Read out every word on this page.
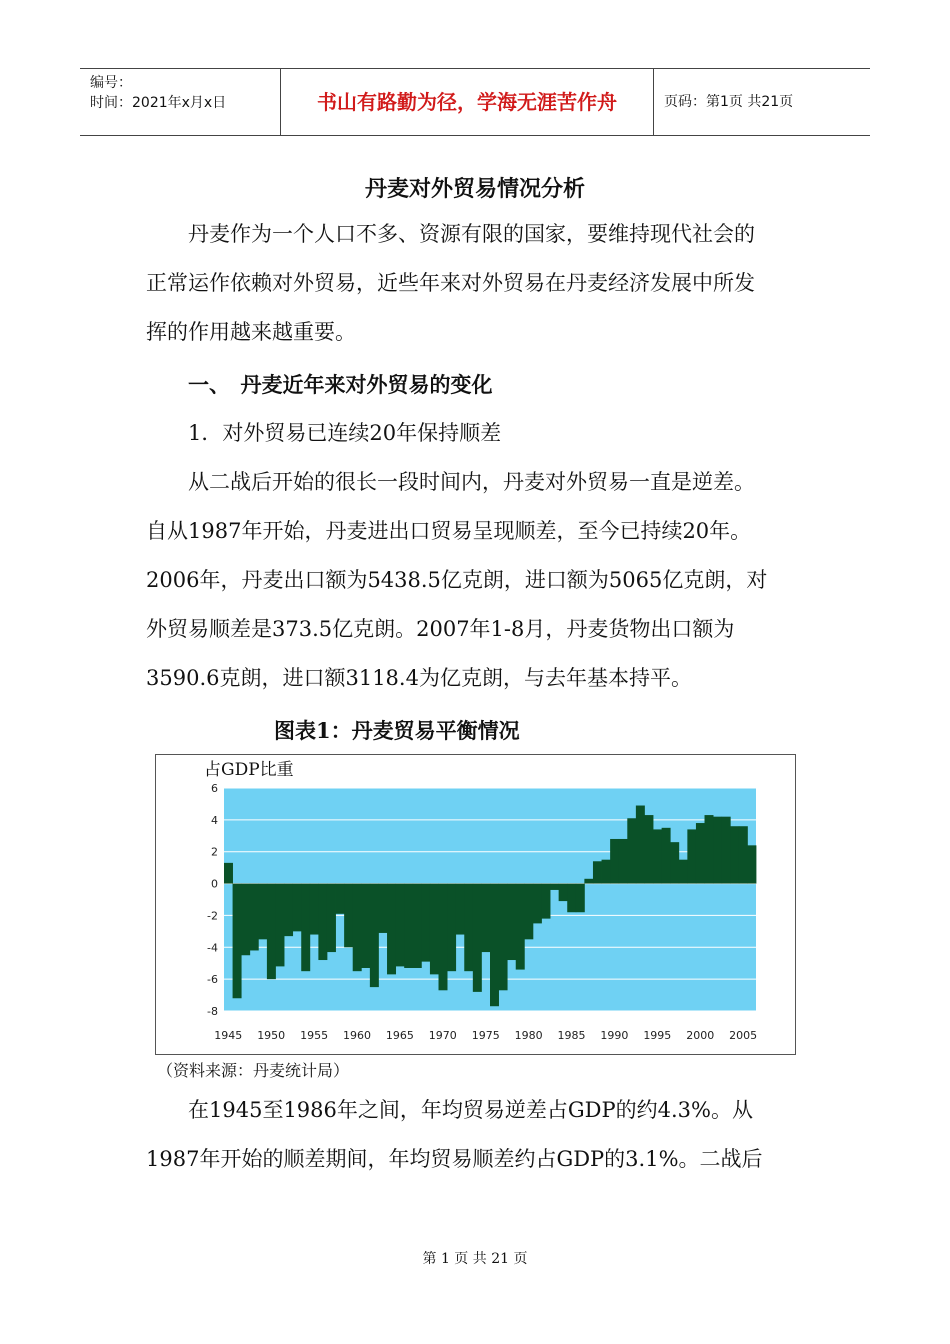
编号：
时间：2021年x月x日	书山有路勤为径，学海无涯苦作舟	页码：第1页 共21页
丹麦对外贸易情况分析
丹麦作为一个人口不多、资源有限的国家，要维持现代社会的
正常运作依赖对外贸易，近些年来对外贸易在丹麦经济发展中所发
挥的作用越来越重要。
一、　丹麦近年来对外贸易的变化
1．对外贸易已连续20年保持顺差
从二战后开始的很长一段时间内，丹麦对外贸易一直是逆差。
自从1987年开始，丹麦进出口贸易呈现顺差，至今已持续20年。
2006年，丹麦出口额为5438.5亿克朗，进口额为5065亿克朗，对
外贸易顺差是373.5亿克朗。2007年1-8月，丹麦货物出口额为
3590.6克朗，进口额3118.4为亿克朗，与去年基本持平。
图表1：丹麦贸易平衡情况
占GDP比重
6
4
2
0
-2
-4
-6
-8
1945 1950 1955 1960 1965 1970 1975 1980 1985 1990 1995 2000 2005
（资料来源：丹麦统计局）
在1945至1986年之间，年均贸易逆差占GDP的约4.3%。从
1987年开始的顺差期间，年均贸易顺差约占GDP的3.1%。二战后
第 1 页 共 21 页
